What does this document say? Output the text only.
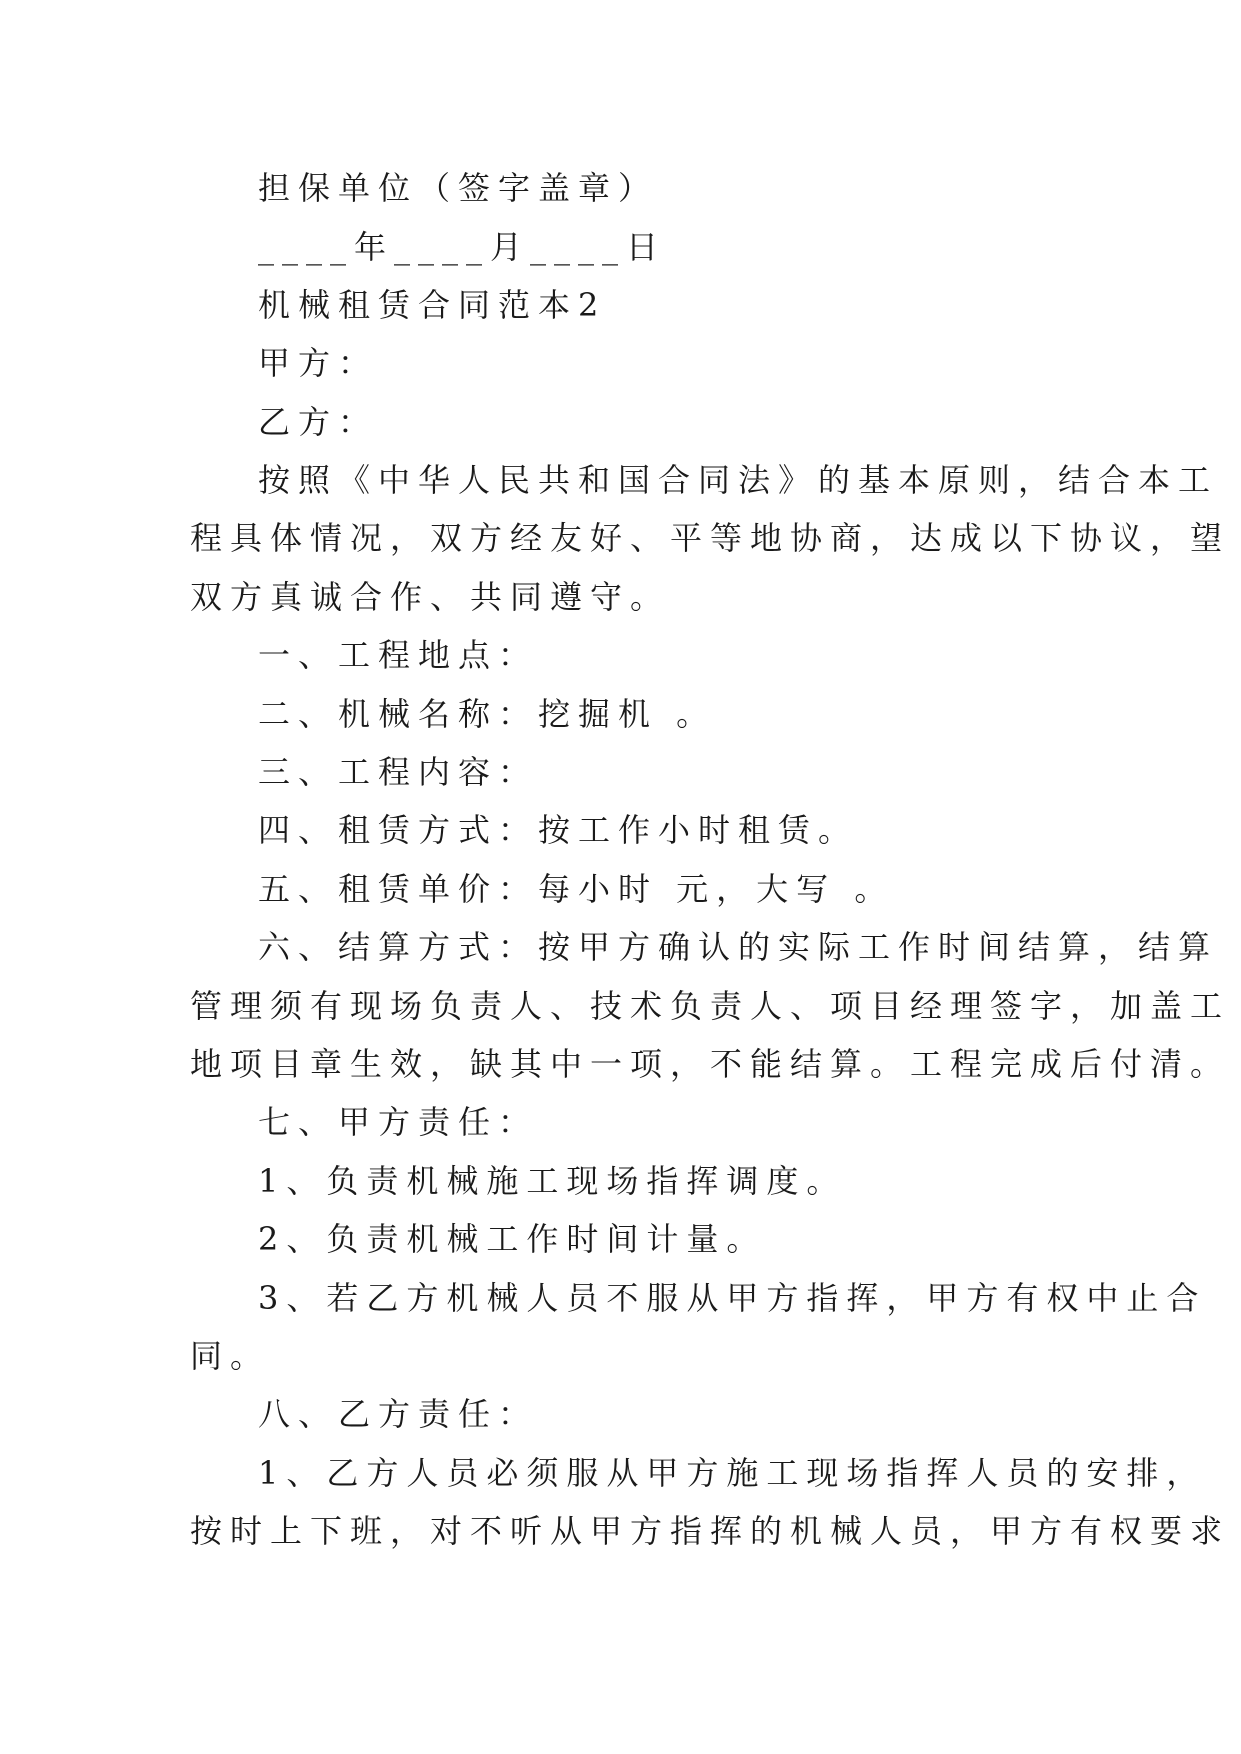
担保单位（签字盖章）
____年____月____日
机械租赁合同范本2
甲方：
乙方：
按照《中华人民共和国合同法》的基本原则，结合本工
程具体情况，双方经友好、平等地协商，达成以下协议，望
双方真诚合作、共同遵守。
一、工程地点：
二、机械名称：挖掘机 。
三、工程内容：
四、租赁方式：按工作小时租赁。
五、租赁单价：每小时 元，大写 。
六、结算方式：按甲方确认的实际工作时间结算，结算
管理须有现场负责人、技术负责人、项目经理签字，加盖工
地项目章生效，缺其中一项，不能结算。工程完成后付清。
七、甲方责任：
1、负责机械施工现场指挥调度。
2、负责机械工作时间计量。
3、若乙方机械人员不服从甲方指挥，甲方有权中止合
同。
八、乙方责任：
1、乙方人员必须服从甲方施工现场指挥人员的安排，
按时上下班，对不听从甲方指挥的机械人员，甲方有权要求
